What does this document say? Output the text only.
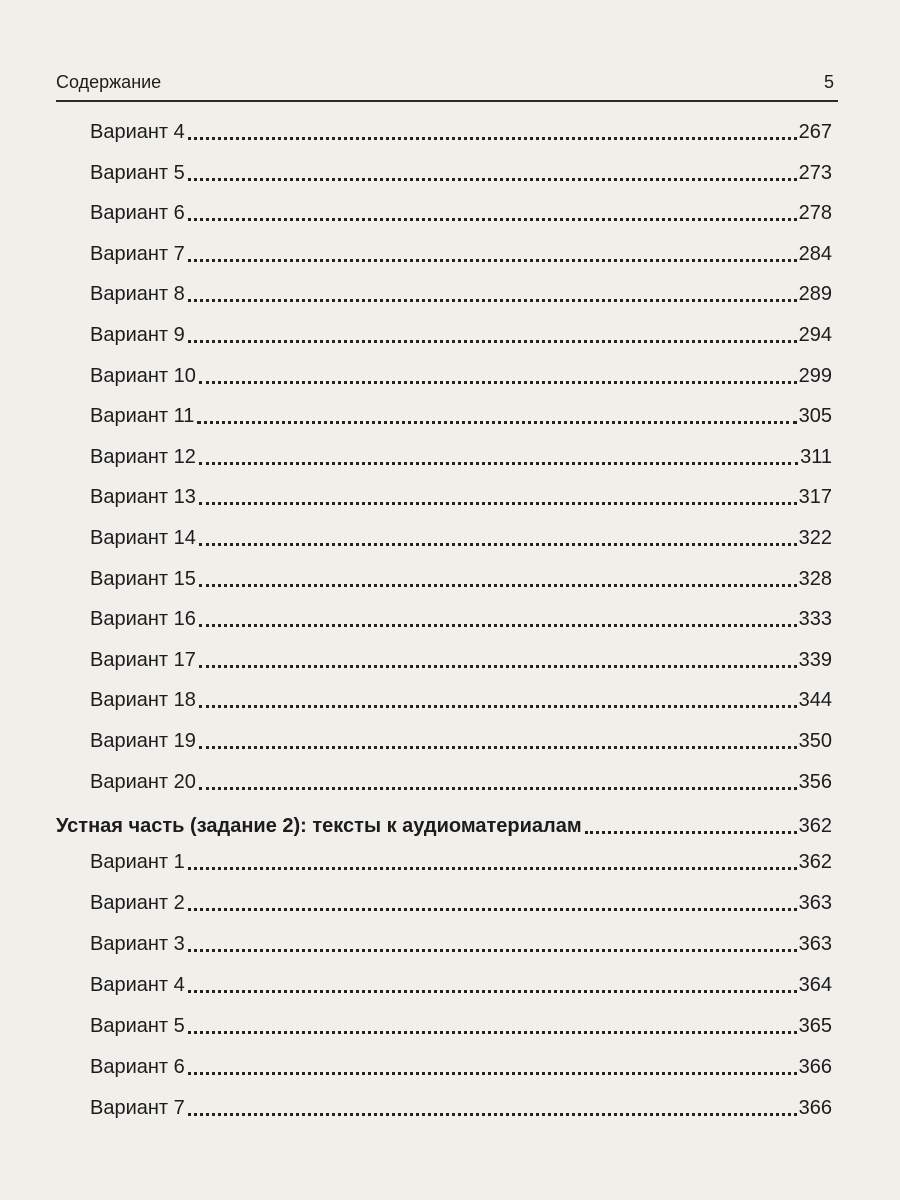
Содержание	5
Вариант 4	267
Вариант 5	273
Вариант 6	278
Вариант 7	284
Вариант 8	289
Вариант 9	294
Вариант 10	299
Вариант 11	305
Вариант 12	311
Вариант 13	317
Вариант 14	322
Вариант 15	328
Вариант 16	333
Вариант 17	339
Вариант 18	344
Вариант 19	350
Вариант 20	356
Устная часть (задание 2): тексты к аудиоматериалам	362
Вариант 1	362
Вариант 2	363
Вариант 3	363
Вариант 4	364
Вариант 5	365
Вариант 6	366
Вариант 7	366
